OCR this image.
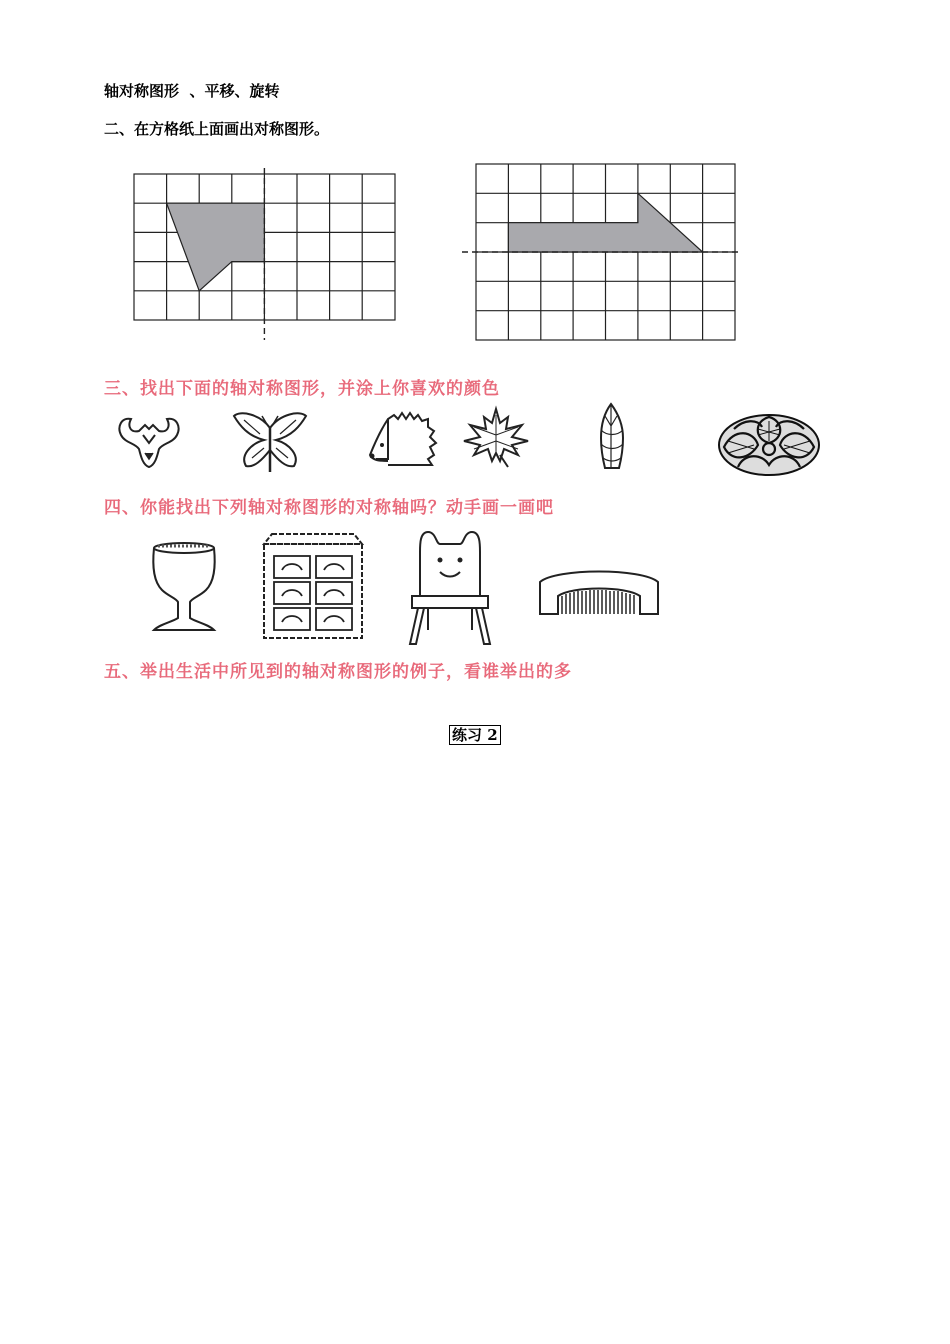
轴对称图形  、平移、旋转
二、在方格纸上面画出对称图形。
三、找出下面的轴对称图形，并涂上你喜欢的颜色
四、你能找出下列轴对称图形的对称轴吗？动手画一画吧
五、举出生活中所见到的轴对称图形的例子，看谁举出的多
练习 2
